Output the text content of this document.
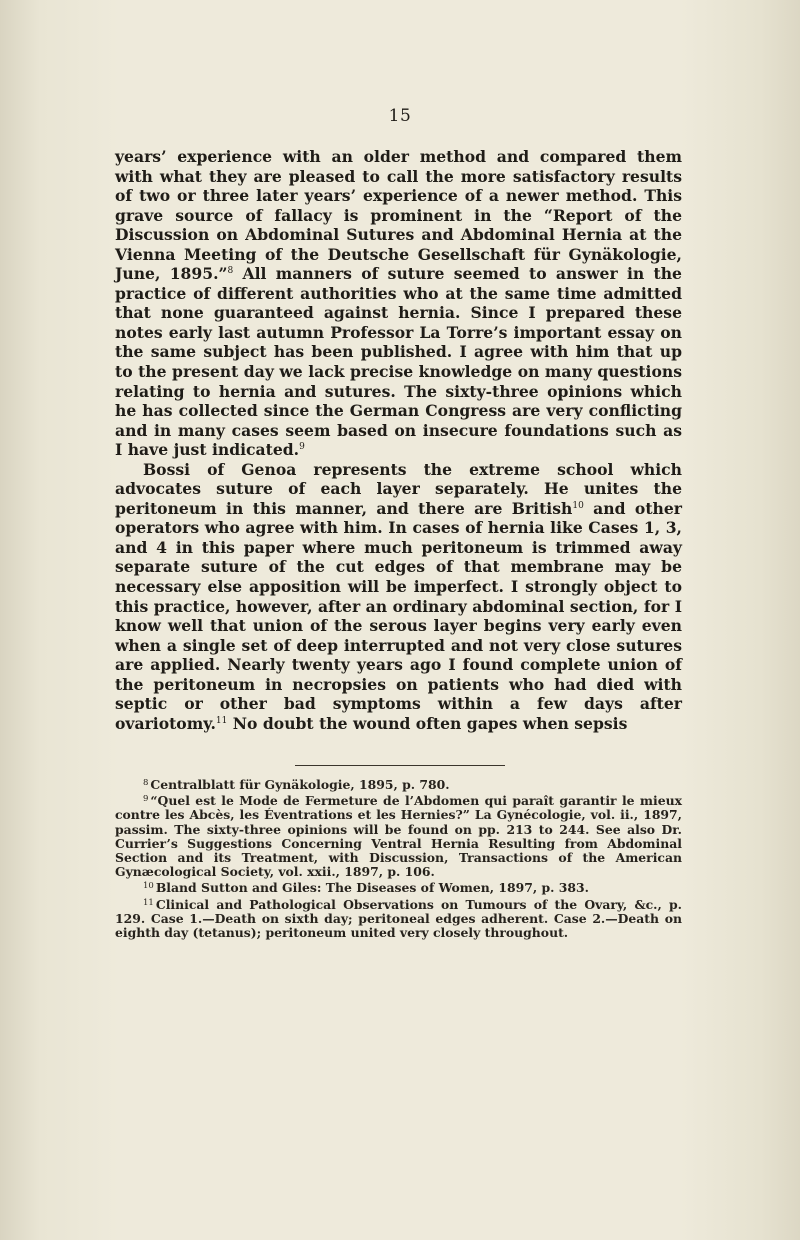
15

years’ experience with an older method and compared them with what they are pleased to call the more satisfactory results of two or three later years’ experience of a newer method. This grave source of fallacy is prominent in the “Report of the Discussion on Abdominal Sutures and Abdominal Hernia at the Vienna Meeting of the Deutsche Gesellschaft für Gynäkologie, June, 1895.”$^8$ All manners of suture seemed to answer in the practice of different authorities who at the same time admitted that none guaranteed against hernia. Since I prepared these notes early last autumn Professor La Torre’s important essay on the same subject has been published. I agree with him that up to the present day we lack precise knowledge on many questions relating to hernia and sutures. The sixty-three opinions which he has collected since the German Congress are very conflicting and in many cases seem based on insecure foundations such as I have just indicated.$^9$

Bossi of Genoa represents the extreme school which advocates suture of each layer separately. He unites the peritoneum in this manner, and there are British$^{10}$ and other operators who agree with him. In cases of hernia like Cases 1, 3, and 4 in this paper where much peritoneum is trimmed away separate suture of the cut edges of that membrane may be necessary else apposition will be imperfect. I strongly object to this practice, however, after an ordinary abdominal section, for I know well that union of the serous layer begins very early even when a single set of deep interrupted and not very close sutures are applied. Nearly twenty years ago I found complete union of the peritoneum in necropsies on patients who had died with septic or other bad symptoms within a few days after ovariotomy.$^{11}$ No doubt the wound often gapes when sepsis

$^8$ Centralblatt für Gynäkologie, 1895, p. 780.

$^9$ “Quel est le Mode de Fermeture de l’Abdomen qui paraît garantir le mieux contre les Abcès, les Éventrations et les Hernies?” La Gynécologie, vol. ii., 1897, passim. The sixty-three opinions will be found on pp. 213 to 244. See also Dr. Currier’s Suggestions Concerning Ventral Hernia Resulting from Abdominal Section and its Treatment, with Discussion, Transactions of the American Gynæcological Society, vol. xxii., 1897, p. 106.

$^{10}$ Bland Sutton and Giles: The Diseases of Women, 1897, p. 383.

$^{11}$ Clinical and Pathological Observations on Tumours of the Ovary, &c., p. 129. Case 1.—Death on sixth day; peritoneal edges adherent. Case 2.—Death on eighth day (tetanus); peritoneum united very closely throughout.
